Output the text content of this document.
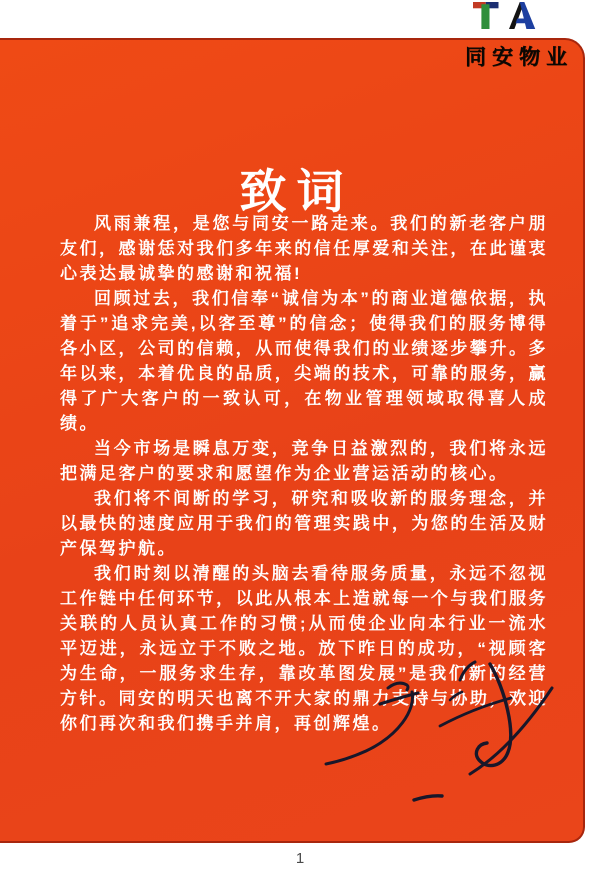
同安物业
致词

风雨兼程，是您与同安一路走来。我们的新老客户朋友们，感谢恁对我们多年来的信任厚爱和关注，在此谨衷心表达最诚挚的感谢和祝福!

回顾过去，我们信奉“诚信为本”的商业道德依据，执着于”追求完美,以客至尊”的信念；使得我们的服务博得各小区，公司的信赖，从而使得我们的业绩逐步攀升。多年以来，本着优良的品质，尖端的技术，可靠的服务，赢得了广大客户的一致认可，在物业管理领域取得喜人成绩。

当今市场是瞬息万变，竞争日益激烈的，我们将永远把满足客户的要求和愿望作为企业营运活动的核心。

我们将不间断的学习，研究和吸收新的服务理念，并以最快的速度应用于我们的管理实践中，为您的生活及财产保驾护航。

我们时刻以清醒的头脑去看待服务质量，永远不忽视工作链中任何环节，以此从根本上造就每一个与我们服务关联的人员认真工作的习惯;从而使企业向本行业一流水平迈进，永远立于不败之地。放下昨日的成功，“视顾客为生命，一服务求生存，靠改革图发展”是我们新的经营方针。同安的明天也离不开大家的鼎力支持与协助，欢迎你们再次和我们携手并肩，再创辉煌。

1
